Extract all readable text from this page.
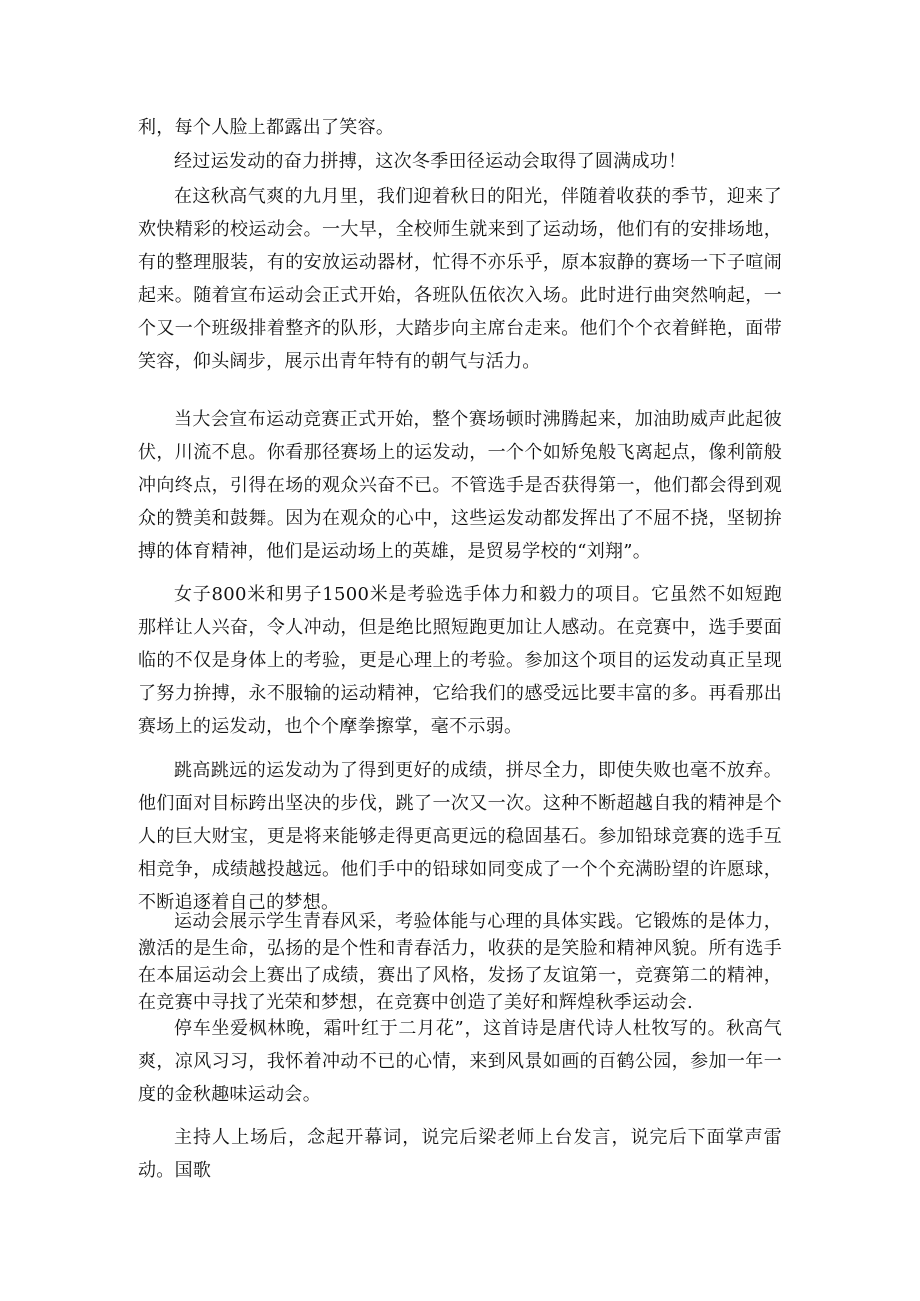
利，每个人脸上都露出了笑容。

经过运发动的奋力拼搏，这次冬季田径运动会取得了圆满成功！

在这秋高气爽的九月里，我们迎着秋日的阳光，伴随着收获的季节，迎来了欢快精彩的校运动会。一大早，全校师生就来到了运动场，他们有的安排场地，有的整理服装，有的安放运动器材，忙得不亦乐乎，原本寂静的赛场一下子喧闹起来。随着宣布运动会正式开始，各班队伍依次入场。此时进行曲突然响起，一个又一个班级排着整齐的队形，大踏步向主席台走来。他们个个衣着鲜艳，面带笑容，仰头阔步，展示出青年特有的朝气与活力。

当大会宣布运动竞赛正式开始，整个赛场顿时沸腾起来，加油助威声此起彼伏，川流不息。你看那径赛场上的运发动，一个个如矫兔般飞离起点，像利箭般冲向终点，引得在场的观众兴奋不已。不管选手是否获得第一，他们都会得到观众的赞美和鼓舞。因为在观众的心中，这些运发动都发挥出了不屈不挠，坚韧拚搏的体育精神，他们是运动场上的英雄，是贸易学校的“刘翔”。

女子800米和男子1500米是考验选手体力和毅力的项目。它虽然不如短跑那样让人兴奋，令人冲动，但是绝比照短跑更加让人感动。在竞赛中，选手要面临的不仅是身体上的考验，更是心理上的考验。参加这个项目的运发动真正呈现了努力拚搏，永不服输的运动精神，它给我们的感受远比要丰富的多。再看那出赛场上的运发动，也个个摩拳擦掌，毫不示弱。

跳高跳远的运发动为了得到更好的成绩，拼尽全力，即使失败也毫不放弃。他们面对目标跨出坚决的步伐，跳了一次又一次。这种不断超越自我的精神是个人的巨大财宝，更是将来能够走得更高更远的稳固基石。参加铅球竞赛的选手互相竞争，成绩越投越远。他们手中的铅球如同变成了一个个充满盼望的许愿球，不断追逐着自己的梦想。

运动会展示学生青春风采，考验体能与心理的具体实践。它锻炼的是体力，激活的是生命，弘扬的是个性和青春活力，收获的是笑脸和精神风貌。所有选手在本届运动会上赛出了成绩，赛出了风格，发扬了友谊第一，竞赛第二的精神，在竞赛中寻找了光荣和梦想，在竞赛中创造了美好和辉煌秋季运动会.

停车坐爱枫林晚，霜叶红于二月花”，这首诗是唐代诗人杜牧写的。秋高气爽，凉风习习，我怀着冲动不已的心情，来到风景如画的百鹤公园，参加一年一度的金秋趣味运动会。

主持人上场后，念起开幕词，说完后梁老师上台发言，说完后下面掌声雷动。国歌
